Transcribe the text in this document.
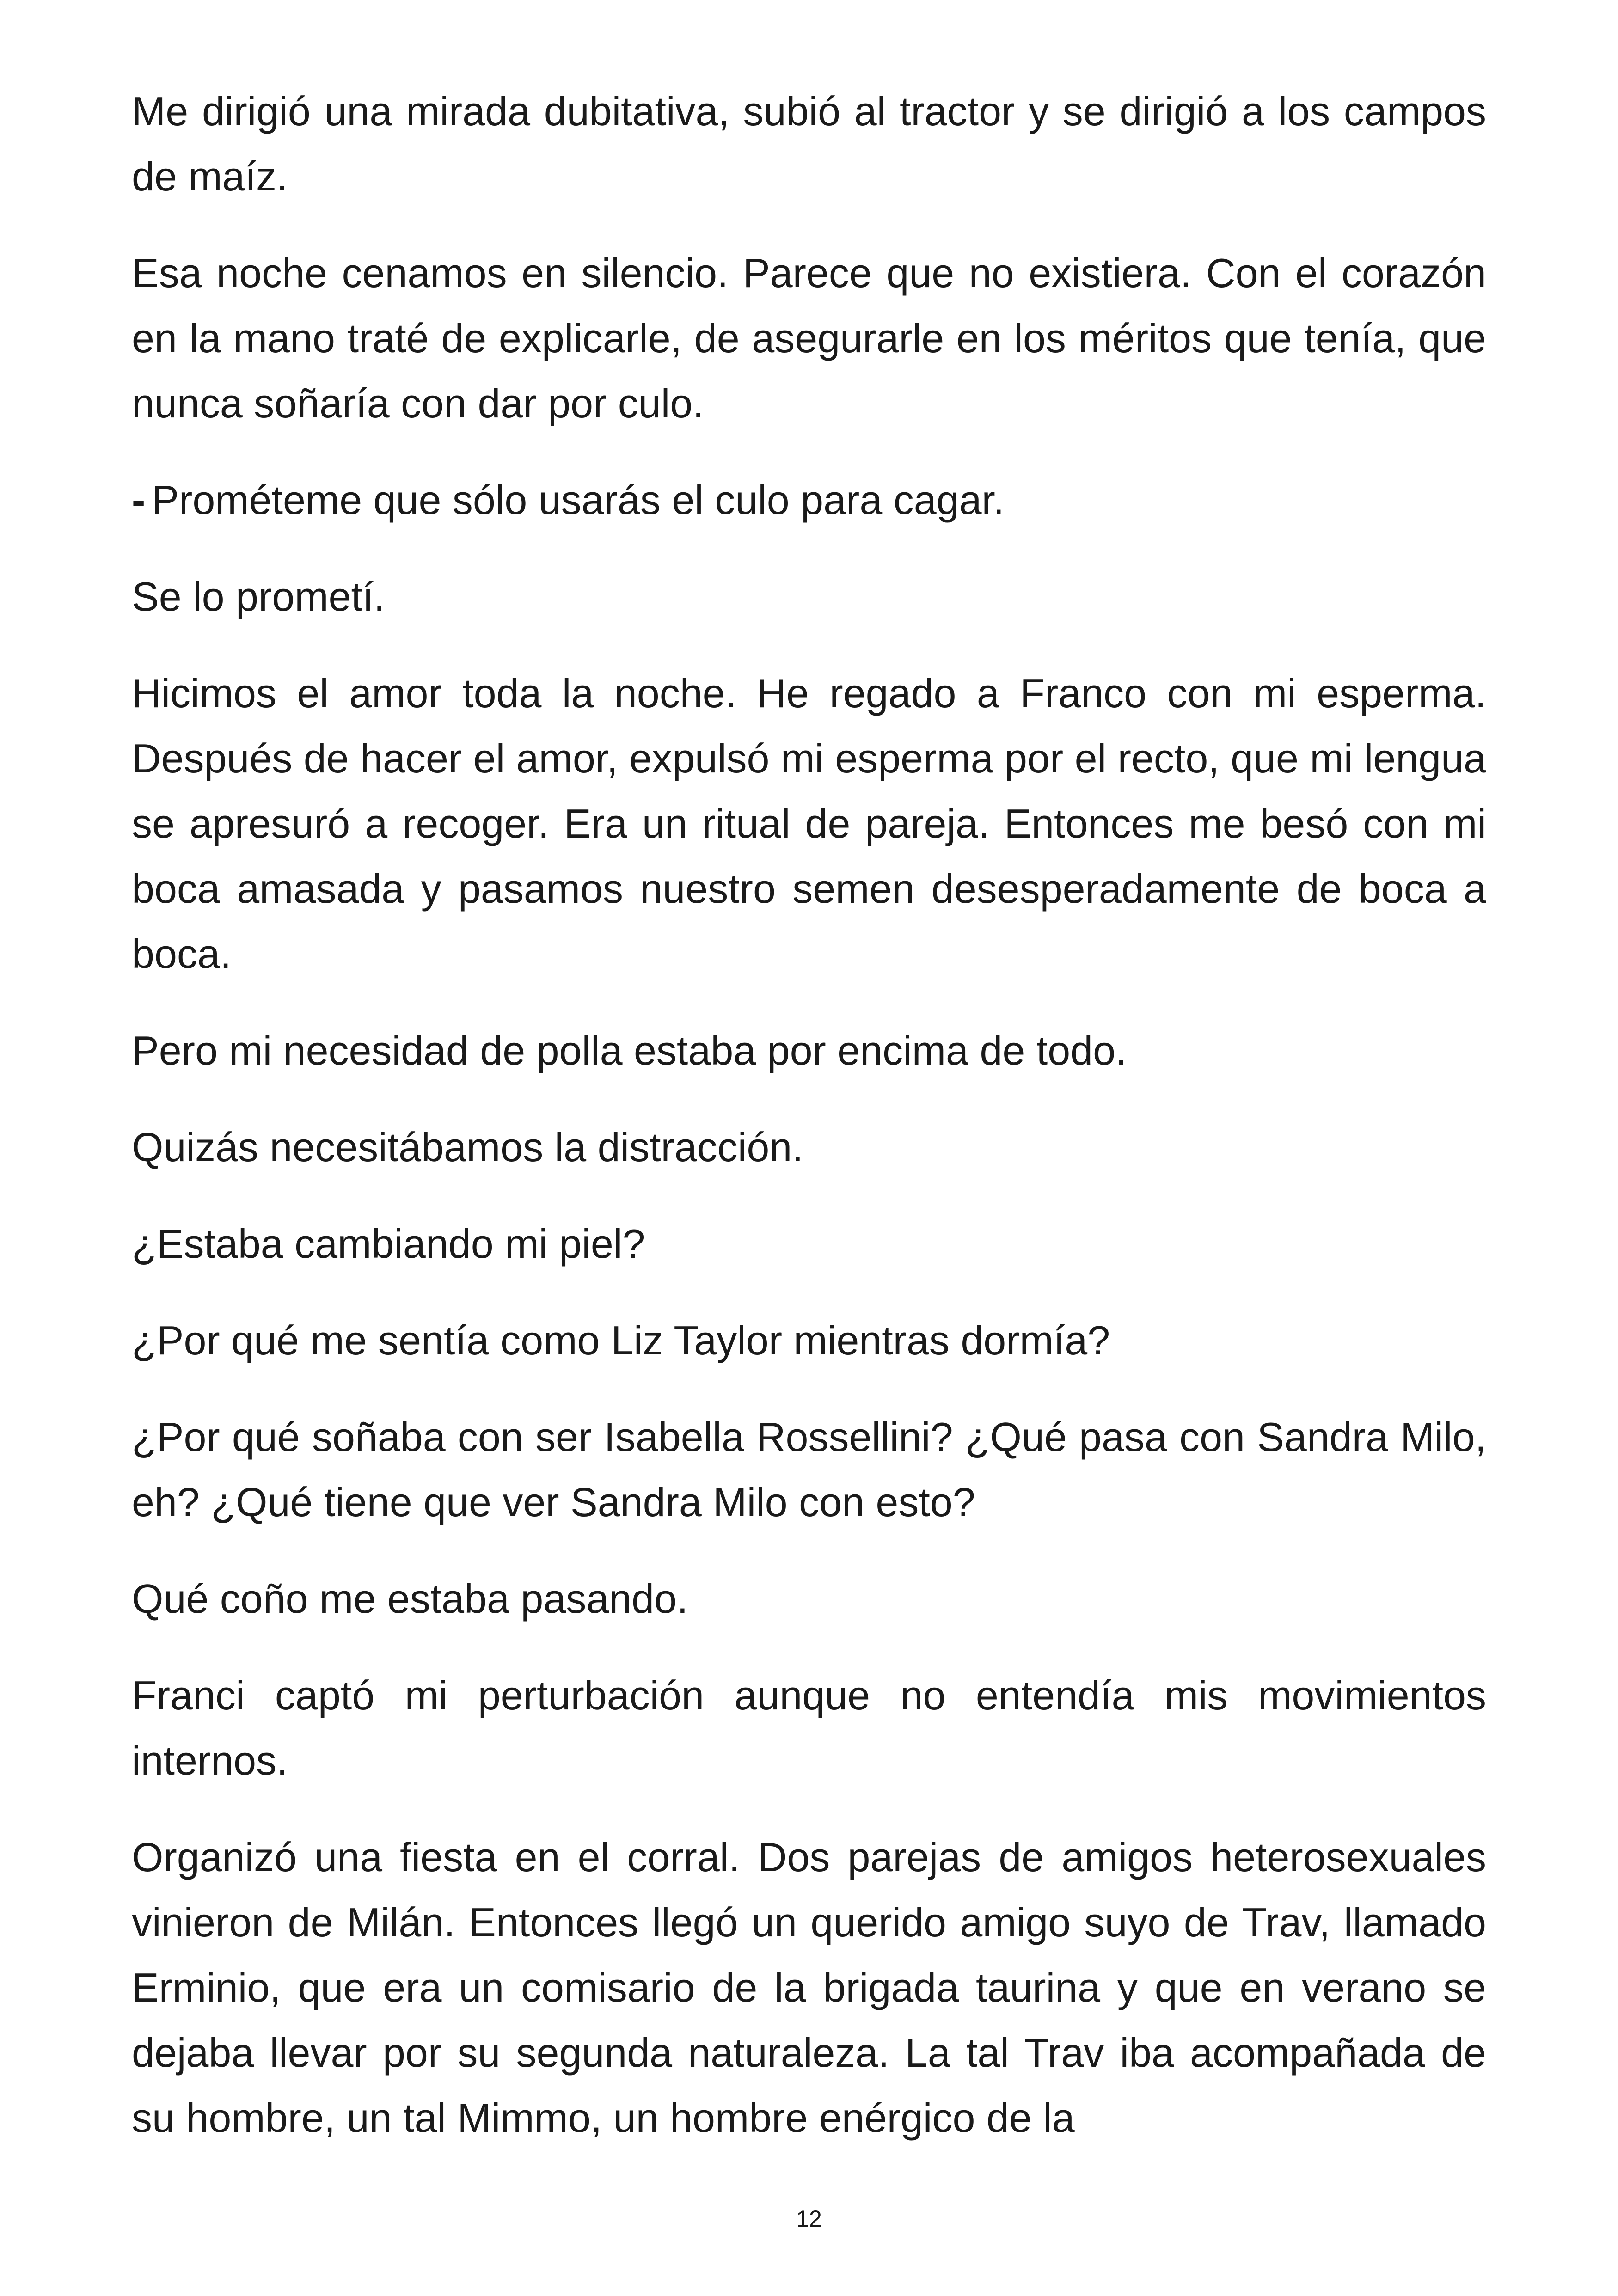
Me dirigió una mirada dubitativa, subió al tractor y se dirigió a los campos de maíz.

Esa noche cenamos en silencio. Parece que no existiera. Con el corazón en la mano traté de explicarle, de asegurarle en los méritos que tenía, que nunca soñaría con dar por culo.

- Prométeme que sólo usarás el culo para cagar.

Se lo prometí.

Hicimos el amor toda la noche. He regado a Franco con mi esperma. Después de hacer el amor, expulsó mi esperma por el recto, que mi lengua se apresuró a recoger. Era un ritual de pareja. Entonces me besó con mi boca amasada y pasamos nuestro semen desesperadamente de boca a boca.

Pero mi necesidad de polla estaba por encima de todo.

Quizás necesitábamos la distracción.

¿Estaba cambiando mi piel?

¿Por qué me sentía como Liz Taylor mientras dormía?

¿Por qué soñaba con ser Isabella Rossellini? ¿Qué pasa con Sandra Milo, eh? ¿Qué tiene que ver Sandra Milo con esto?

Qué coño me estaba pasando.

Franci captó mi perturbación aunque no entendía mis movimientos internos.

Organizó una fiesta en el corral. Dos parejas de amigos heterosexuales vinieron de Milán. Entonces llegó un querido amigo suyo de Trav, llamado Erminio, que era un comisario de la brigada taurina y que en verano se dejaba llevar por su segunda naturaleza. La tal Trav iba acompañada de su hombre, un tal Mimmo, un hombre enérgico de la

12
